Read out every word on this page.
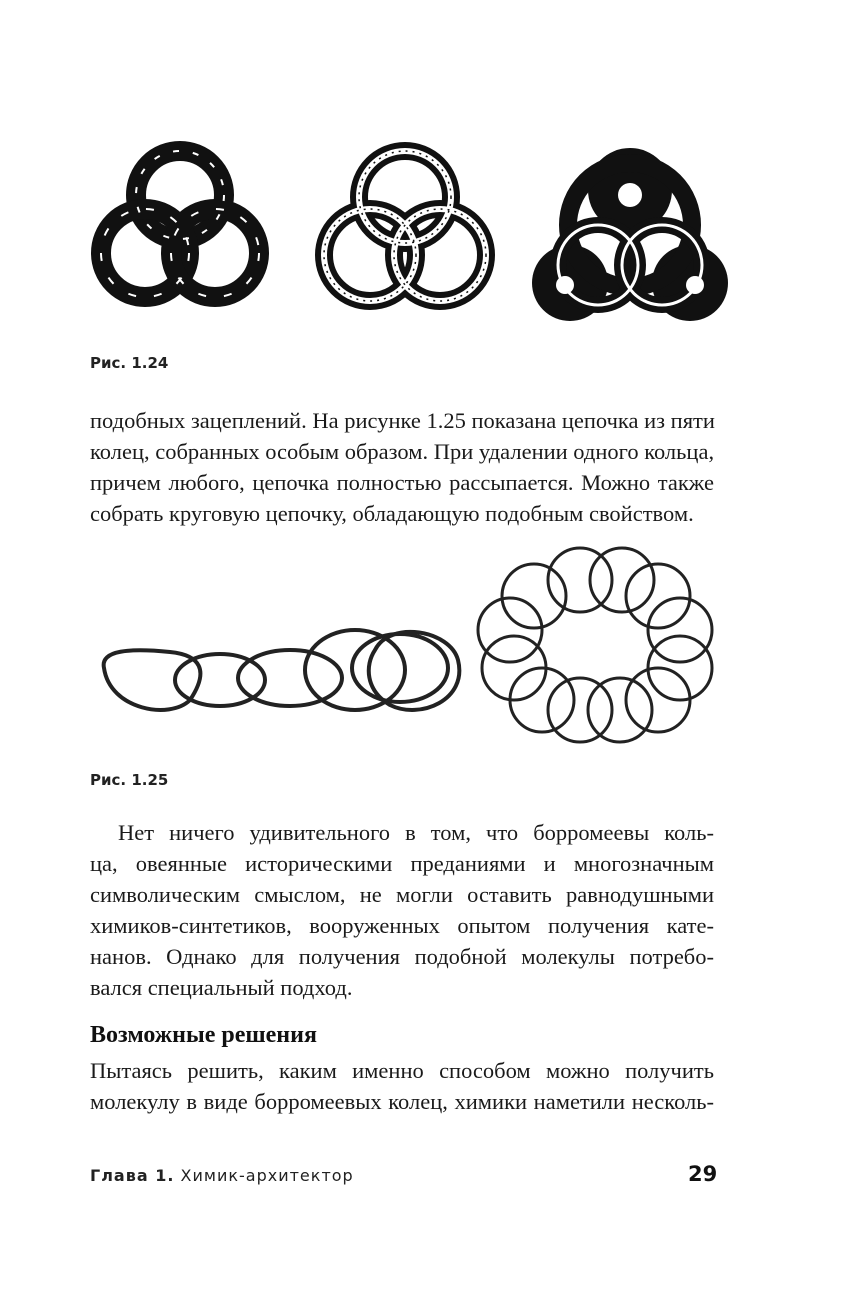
Рис. 1.24
подобных зацеплений. На рисунке 1.25 показана цепочка из пяти
колец, собранных особым образом. При удалении одного кольца,
причем любого, цепочка полностью рассыпается. Можно также
собрать круговую цепочку, обладающую подобным свойством.
Рис. 1.25
Нет ничего удивительного в том, что борромеевы коль-
ца, овеянные историческими преданиями и многозначным
символическим смыслом, не могли оставить равнодушными
химиков-синтетиков, вооруженных опытом получения кате-
нанов. Однако для получения подобной молекулы потребо-
вался специальный подход.
Возможные решения
Пытаясь решить, каким именно способом можно получить
молекулу в виде борромеевых колец, химики наметили несколь-
Глава 1. Химик-архитектор	29
